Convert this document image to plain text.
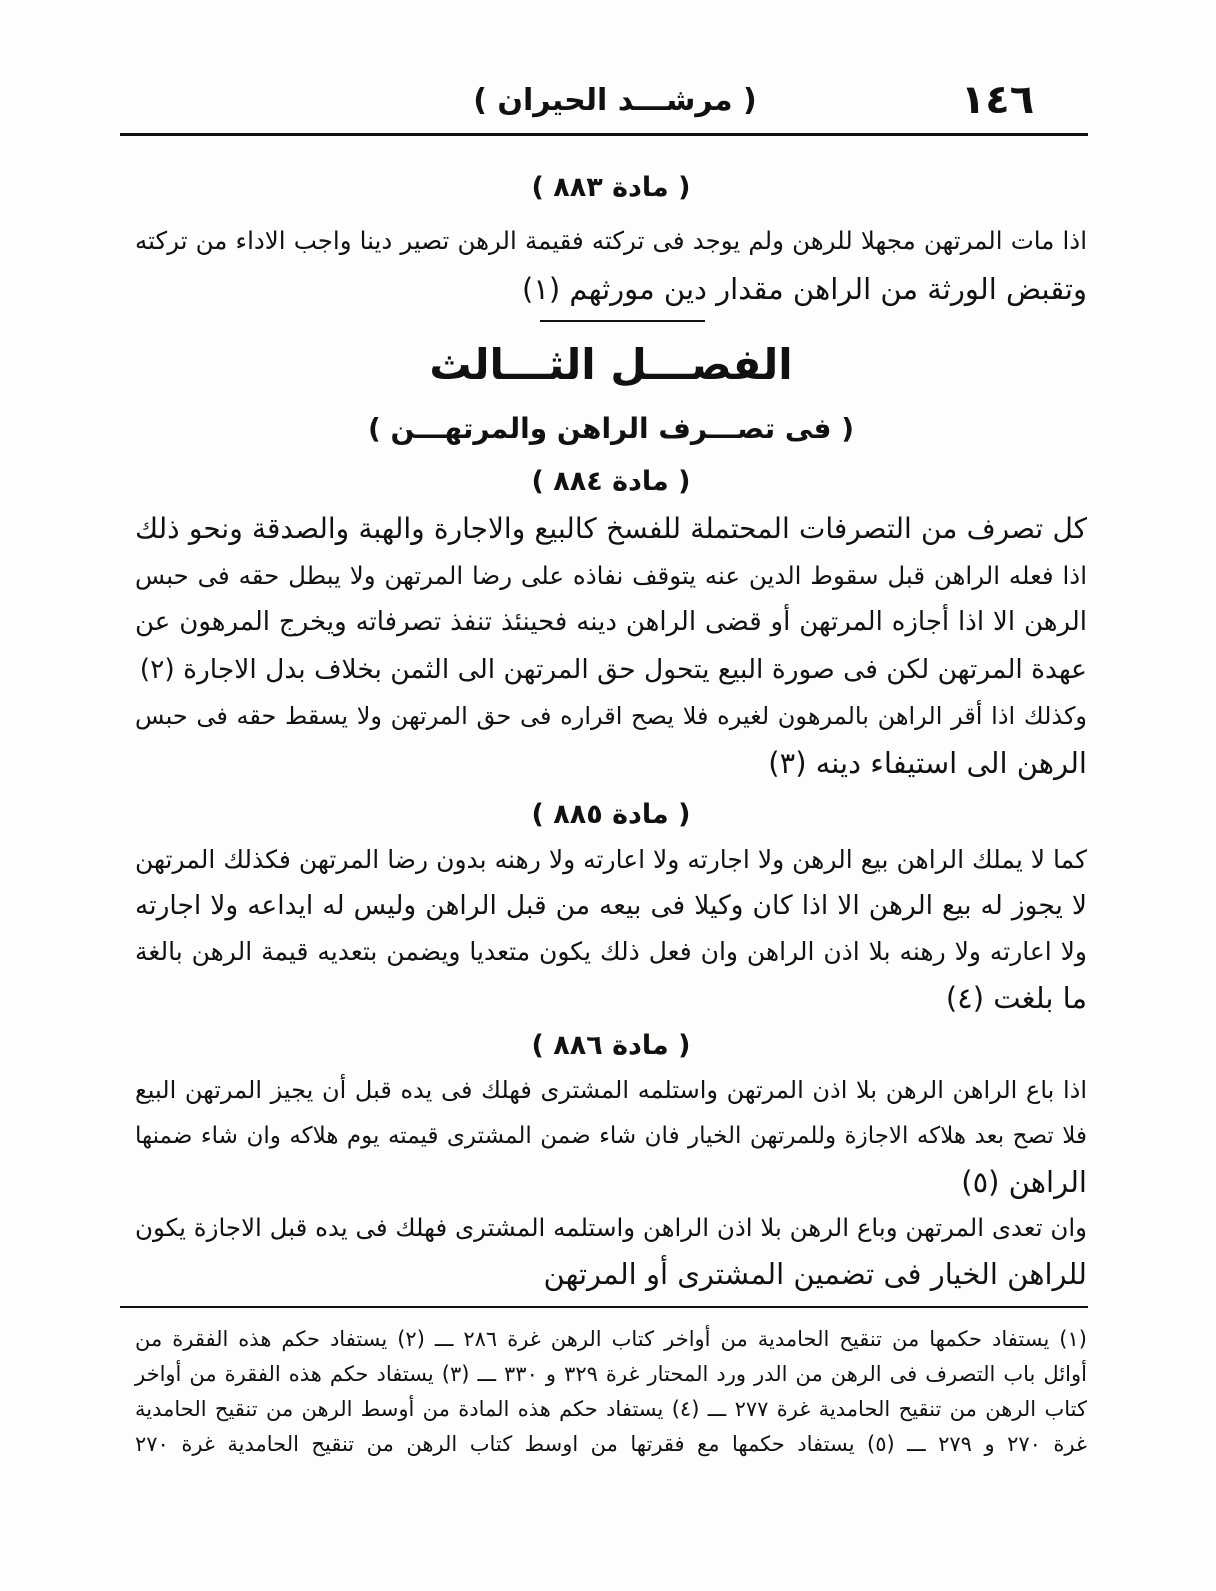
١٤٦
( مرشـــد الحيران )
( مادة ٨٨٣ )
اذا مات المرتهن مجهلا للرهن ولم يوجد فى تركته فقيمة الرهن تصير دينا واجب الاداء من تركته
وتقبض الورثة من الراهن مقدار دين مورثهم (١)
الفصـــل الثـــالث
( فى تصـــرف الراهن والمرتهـــن )
( مادة ٨٨٤ )
كل تصرف من التصرفات المحتملة للفسخ كالبيع والاجارة والهبة والصدقة ونحو ذلك
اذا فعله الراهن قبل سقوط الدين عنه يتوقف نفاذه على رضا المرتهن ولا يبطل حقه فى حبس
الرهن الا اذا أجازه المرتهن أو قضى الراهن دينه فحينئذ تنفذ تصرفاته ويخرج المرهون عن
عهدة المرتهن لكن فى صورة البيع يتحول حق المرتهن الى الثمن بخلاف بدل الاجارة (٢)
وكذلك اذا أقر الراهن بالمرهون لغيره فلا يصح اقراره فى حق المرتهن ولا يسقط حقه فى حبس
الرهن الى استيفاء دينه (٣)
( مادة ٨٨٥ )
كما لا يملك الراهن بيع الرهن ولا اجارته ولا اعارته ولا رهنه بدون رضا المرتهن فكذلك المرتهن
لا يجوز له بيع الرهن الا اذا كان وكيلا فى بيعه من قبل الراهن وليس له ايداعه ولا اجارته
ولا اعارته ولا رهنه بلا اذن الراهن وان فعل ذلك يكون متعديا ويضمن بتعديه قيمة الرهن بالغة
ما بلغت (٤)
( مادة ٨٨٦ )
اذا باع الراهن الرهن بلا اذن المرتهن واستلمه المشترى فهلك فى يده قبل أن يجيز المرتهن البيع
فلا تصح بعد هلاكه الاجازة وللمرتهن الخيار فان شاء ضمن المشترى قيمته يوم هلاكه وان شاء ضمنها
الراهن (٥)
وان تعدى المرتهن وباع الرهن بلا اذن الراهن واستلمه المشترى فهلك فى يده قبل الاجازة يكون
للراهن الخيار فى تضمين المشترى أو المرتهن
(١) يستفاد حكمها من تنقيح الحامدية من أواخر كتاب الرهن غرة ٢٨٦ ـــ (٢) يستفاد حكم هذه الفقرة من
أوائل باب التصرف فى الرهن من الدر ورد المحتار غرة ٣٢٩ و ٣٣٠ ـــ (٣) يستفاد حكم هذه الفقرة من أواخر
كتاب الرهن من تنقيح الحامدية غرة ٢٧٧ ـــ (٤) يستفاد حكم هذه المادة من أوسط الرهن من تنقيح الحامدية
غرة ٢٧٠ و ٢٧٩ ـــ (٥) يستفاد حكمها مع فقرتها من اوسط كتاب الرهن من تنقيح الحامدية غرة ٢٧٠
